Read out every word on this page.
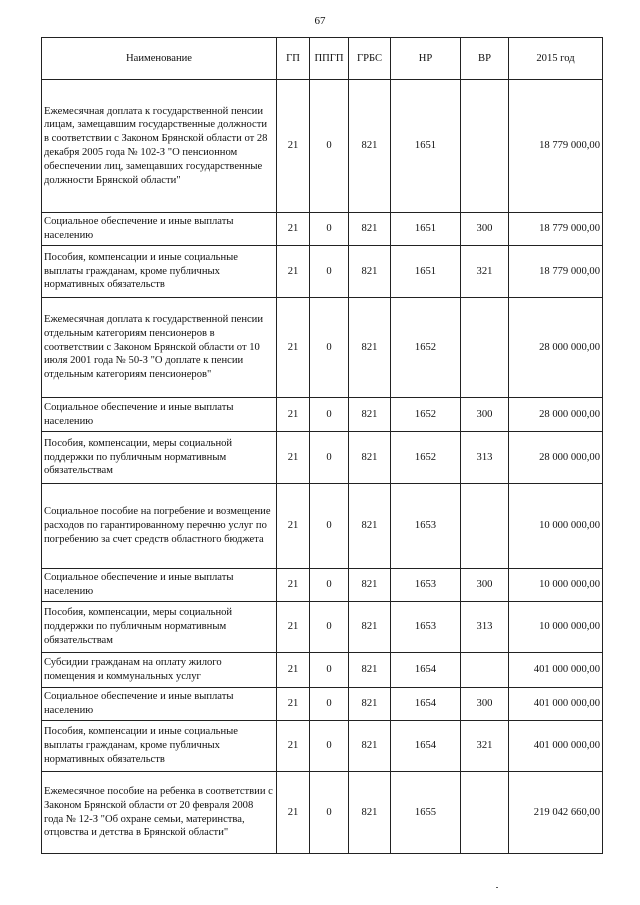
67
Наименование	ГП	ППГП	ГРБС	НР	ВР	2015 год
Ежемесячная доплата к государственной пенсии лицам, замещавшим государственные должности в соответствии с Законом Брянской области от 28 декабря 2005 года № 102-З "О пенсионном обеспечении лиц, замещавших государственные должности Брянской области"	21	0	821	1651		18 779 000,00
Социальное обеспечение и иные выплаты населению	21	0	821	1651	300	18 779 000,00
Пособия, компенсации и иные социальные выплаты гражданам, кроме публичных нормативных обязательств	21	0	821	1651	321	18 779 000,00
Ежемесячная доплата к государственной пенсии отдельным категориям пенсионеров в соответствии с Законом Брянской области от 10 июля 2001 года № 50-З "О доплате к пенсии отдельным категориям пенсионеров"	21	0	821	1652		28 000 000,00
Социальное обеспечение и иные выплаты населению	21	0	821	1652	300	28 000 000,00
Пособия, компенсации, меры социальной поддержки по публичным нормативным обязательствам	21	0	821	1652	313	28 000 000,00
Социальное пособие на погребение и возмещение расходов по гарантированному перечню услуг по погребению за счет средств областного бюджета	21	0	821	1653		10 000 000,00
Социальное обеспечение и иные выплаты населению	21	0	821	1653	300	10 000 000,00
Пособия, компенсации, меры социальной поддержки по публичным нормативным обязательствам	21	0	821	1653	313	10 000 000,00
Субсидии гражданам на оплату жилого помещения и коммунальных услуг	21	0	821	1654		401 000 000,00
Социальное обеспечение и иные выплаты населению	21	0	821	1654	300	401 000 000,00
Пособия, компенсации и иные социальные выплаты гражданам, кроме публичных нормативных обязательств	21	0	821	1654	321	401 000 000,00
Ежемесячное пособие на ребенка в соответствии с Законом Брянской области от 20 февраля 2008 года № 12-З "Об охране семьи, материнства, отцовства и детства в Брянской области"	21	0	821	1655		219 042 660,00
